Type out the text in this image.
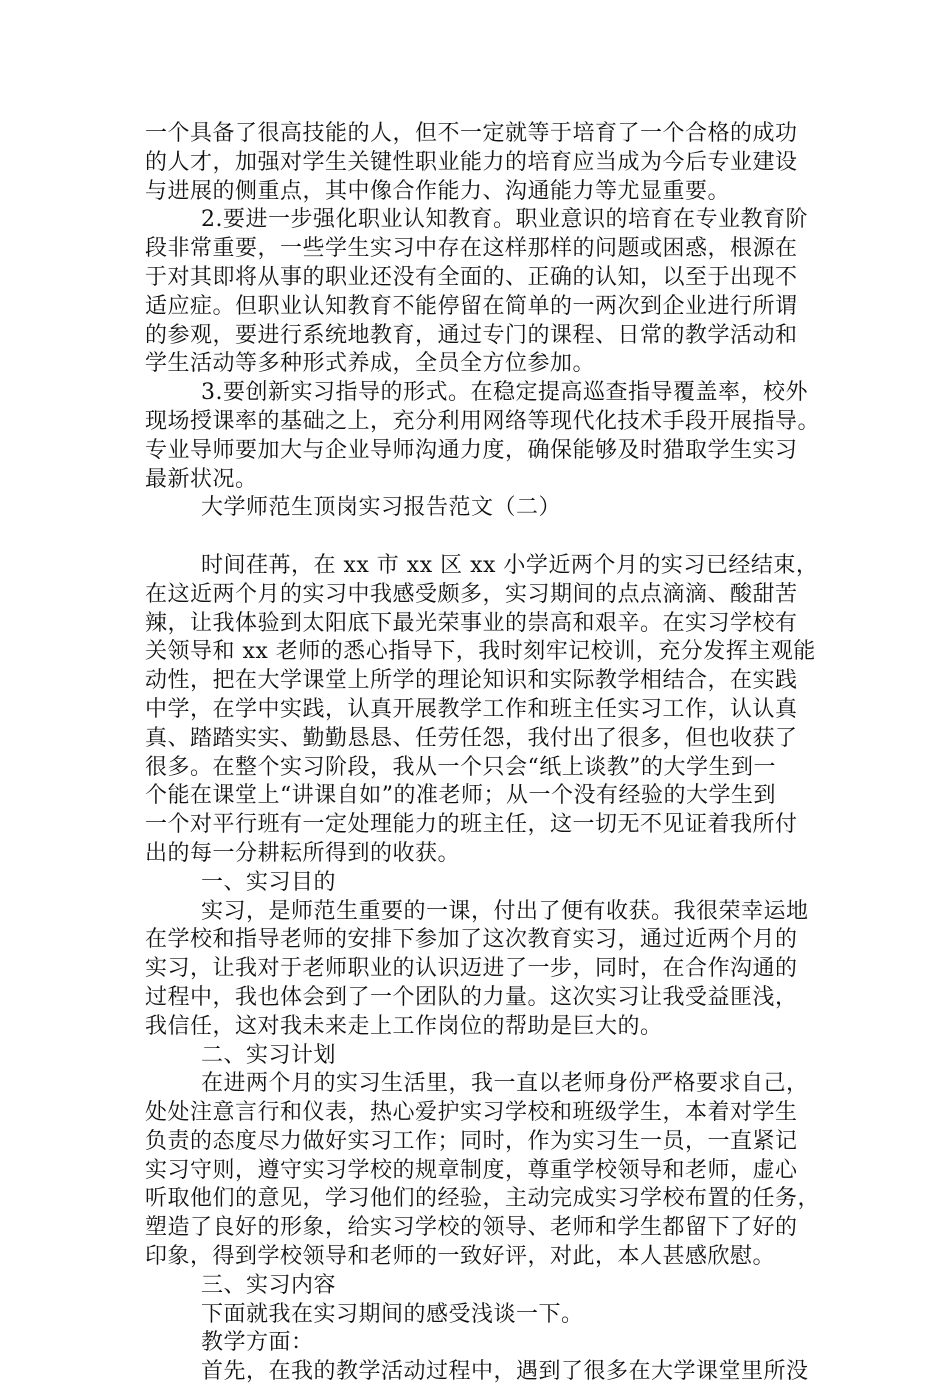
一个具备了很高技能的人，但不一定就等于培育了一个合格的成功
的人才，加强对学生关键性职业能力的培育应当成为今后专业建设
与进展的侧重点，其中像合作能力、沟通能力等尤显重要。
2.要进一步强化职业认知教育。职业意识的培育在专业教育阶
段非常重要，一些学生实习中存在这样那样的问题或困惑，根源在
于对其即将从事的职业还没有全面的、正确的认知，以至于出现不
适应症。但职业认知教育不能停留在简单的一两次到企业进行所谓
的参观，要进行系统地教育，通过专门的课程、日常的教学活动和
学生活动等多种形式养成，全员全方位参加。
3.要创新实习指导的形式。在稳定提高巡查指导覆盖率，校外
现场授课率的基础之上，充分利用网络等现代化技术手段开展指导。
专业导师要加大与企业导师沟通力度，确保能够及时猎取学生实习
最新状况。
大学师范生顶岗实习报告范文（二）
时间荏苒，在 xx 市 xx 区 xx 小学近两个月的实习已经结束，
在这近两个月的实习中我感受颇多，实习期间的点点滴滴、酸甜苦
辣，让我体验到太阳底下最光荣事业的崇高和艰辛。在实习学校有
关领导和 xx 老师的悉心指导下，我时刻牢记校训，充分发挥主观能
动性，把在大学课堂上所学的理论知识和实际教学相结合，在实践
中学，在学中实践，认真开展教学工作和班主任实习工作，认认真
真、踏踏实实、勤勤恳恳、任劳任怨，我付出了很多，但也收获了
很多。在整个实习阶段，我从一个只会“纸上谈教”的大学生到一
个能在课堂上“讲课自如”的准老师；从一个没有经验的大学生到
一个对平行班有一定处理能力的班主任，这一切无不见证着我所付
出的每一分耕耘所得到的收获。
一、实习目的
实习，是师范生重要的一课，付出了便有收获。我很荣幸运地
在学校和指导老师的安排下参加了这次教育实习，通过近两个月的
实习，让我对于老师职业的认识迈进了一步，同时，在合作沟通的
过程中，我也体会到了一个团队的力量。这次实习让我受益匪浅，
我信任，这对我未来走上工作岗位的帮助是巨大的。
二、实习计划
在进两个月的实习生活里，我一直以老师身份严格要求自己，
处处注意言行和仪表，热心爱护实习学校和班级学生，本着对学生
负责的态度尽力做好实习工作；同时，作为实习生一员，一直紧记
实习守则，遵守实习学校的规章制度，尊重学校领导和老师，虚心
听取他们的意见，学习他们的经验，主动完成实习学校布置的任务，
塑造了良好的形象，给实习学校的领导、老师和学生都留下了好的
印象，得到学校领导和老师的一致好评，对此，本人甚感欣慰。
三、实习内容
下面就我在实习期间的感受浅谈一下。
教学方面：
首先，在我的教学活动过程中，遇到了很多在大学课堂里所没
